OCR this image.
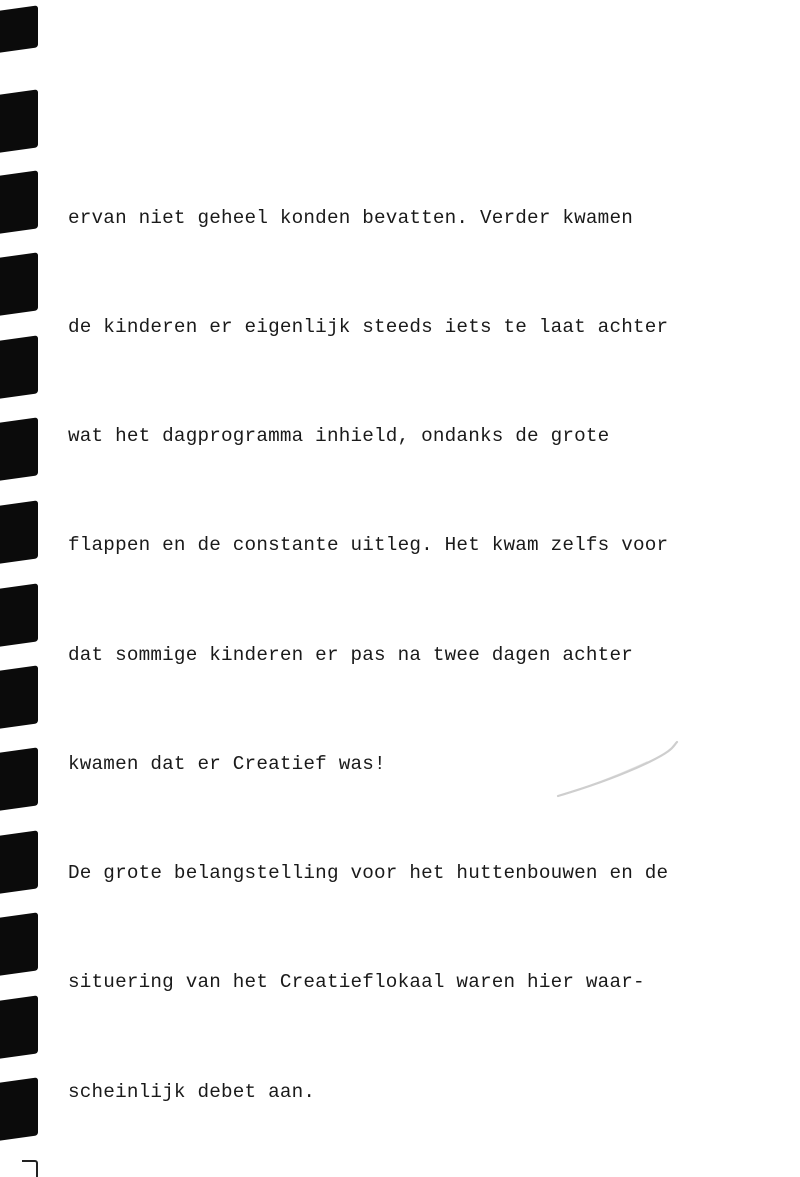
ervan niet geheel konden bevatten. Verder kwamen

de kinderen er eigenlijk steeds iets te laat achter

wat het dagprogramma inhield, ondanks de grote

flappen en de constante uitleg. Het kwam zelfs voor

dat sommige kinderen er pas na twee dagen achter

kwamen dat er Creatief was!

De grote belangstelling voor het huttenbouwen en de

situering van het Creatieflokaal waren hier waar-

scheinlijk debet aan.
